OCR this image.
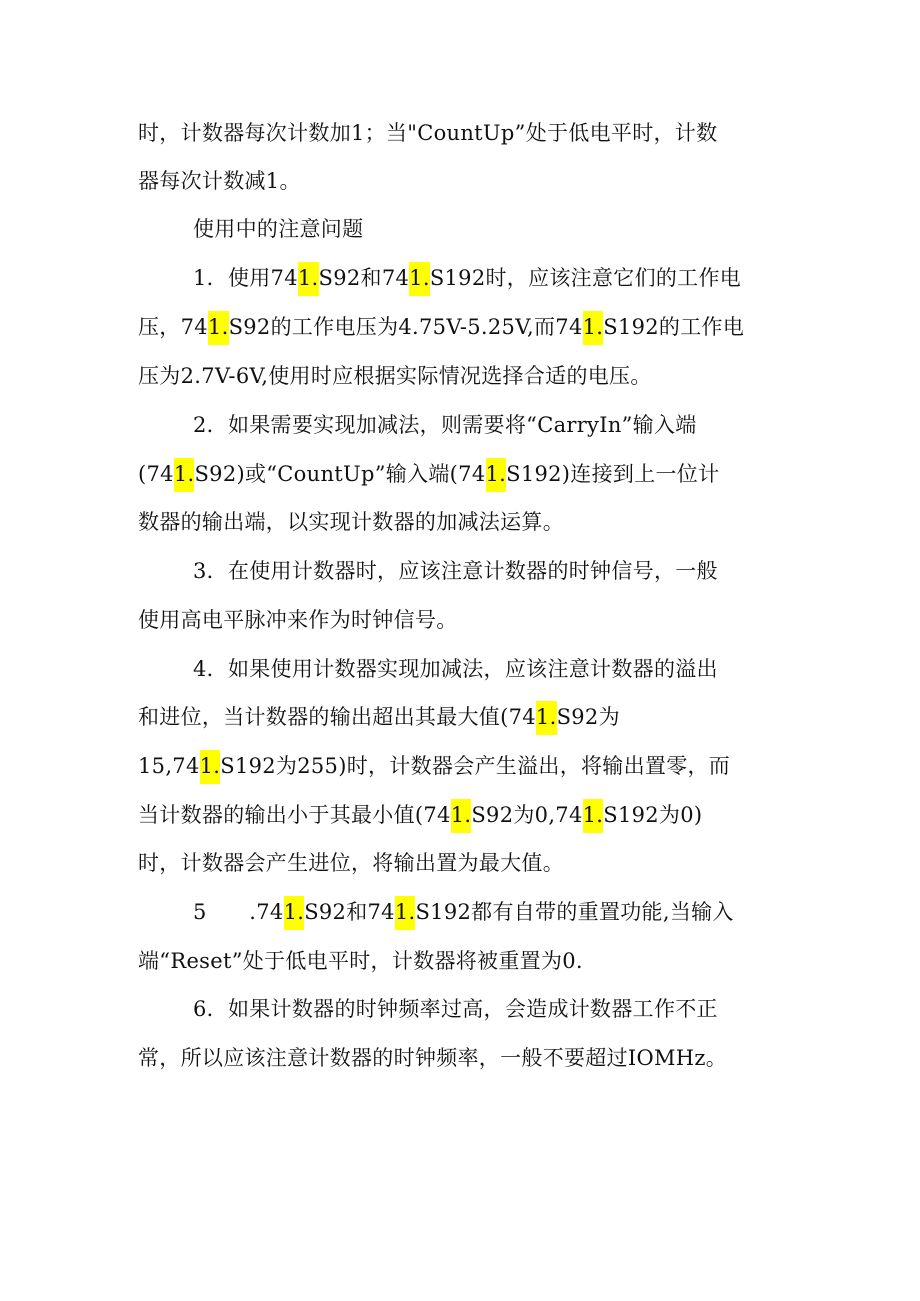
时，计数器每次计数加1；当"CountUp”处于低电平时，计数
器每次计数减1。
使用中的注意问题
1．使用741.S92和741.S192时，应该注意它们的工作电
压，741.S92的工作电压为4.75V-5.25V,而741.S192的工作电
压为2.7V-6V,使用时应根据实际情况选择合适的电压。
2．如果需要实现加减法，则需要将“CarryIn”输入端
(741.S92)或“CountUp”输入端(741.S192)连接到上一位计
数器的输出端，以实现计数器的加减法运算。
3．在使用计数器时，应该注意计数器的时钟信号，一般
使用高电平脉冲来作为时钟信号。
4．如果使用计数器实现加减法，应该注意计数器的溢出
和进位，当计数器的输出超出其最大值(741.S92为
15,741.S192为255)时，计数器会产生溢出，将输出置零，而
当计数器的输出小于其最小值(741.S92为0,741.S192为0)
时，计数器会产生进位，将输出置为最大值。
5　　.741.S92和741.S192都有自带的重置功能,当输入
端“Reset”处于低电平时，计数器将被重置为0.
6．如果计数器的时钟频率过高，会造成计数器工作不正
常，所以应该注意计数器的时钟频率，一般不要超过IOMHz。
